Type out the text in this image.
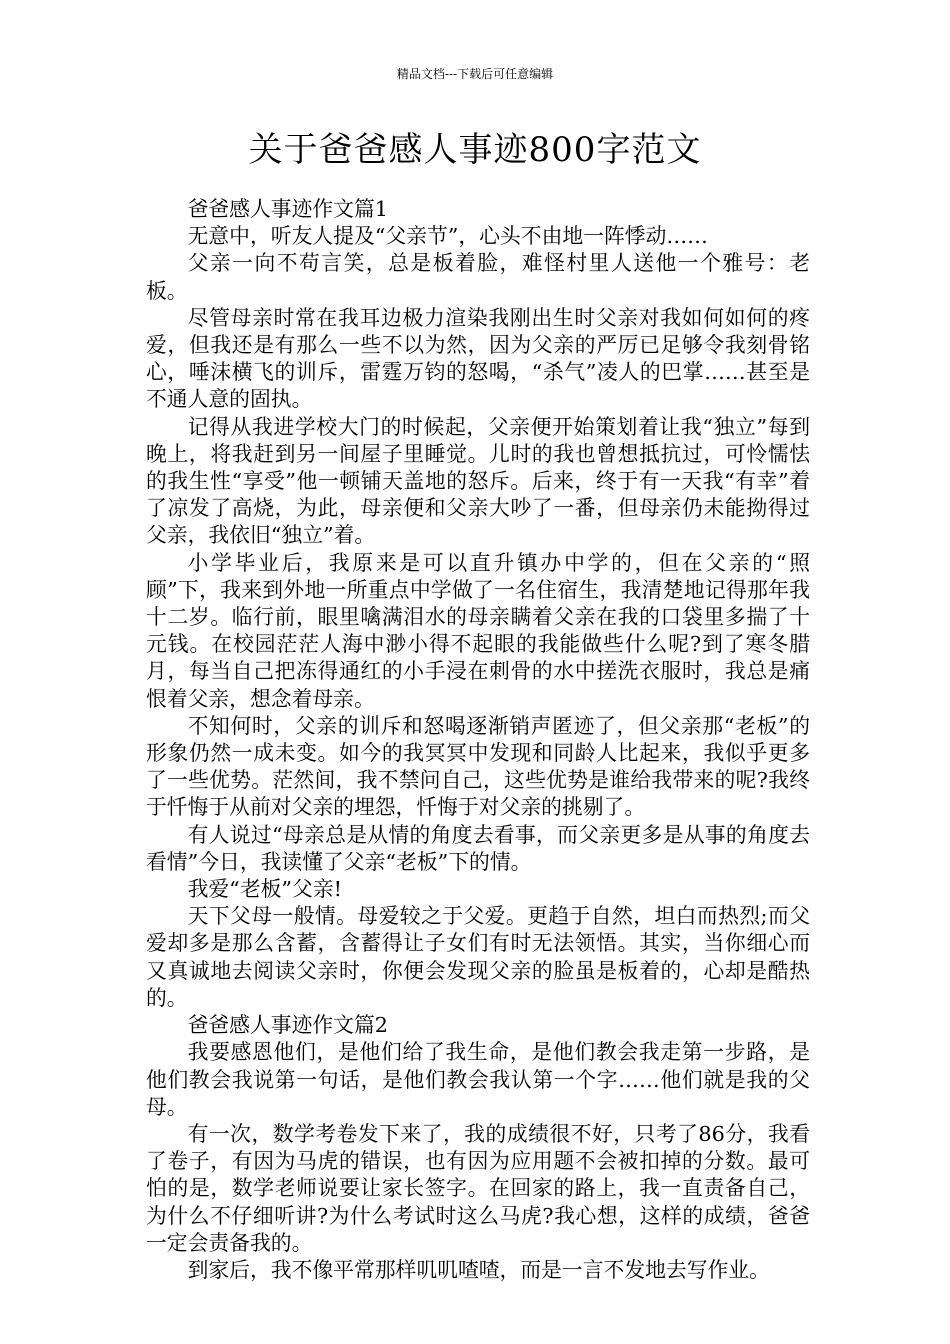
精品文档---下载后可任意编辑
关于爸爸感人事迹800字范文

爸爸感人事迹作文篇1

无意中，听友人提及“父亲节”，心头不由地一阵悸动……

父亲一向不苟言笑，总是板着脸，难怪村里人送他一个雅号：老板。

尽管母亲时常在我耳边极力渲染我刚出生时父亲对我如何如何的疼爱，但我还是有那么一些不以为然，因为父亲的严厉已足够令我刻骨铭心，唾沫横飞的训斥，雷霆万钧的怒喝，“杀气”凌人的巴掌……甚至是不通人意的固执。

记得从我进学校大门的时候起，父亲便开始策划着让我“独立”每到晚上，将我赶到另一间屋子里睡觉。儿时的我也曾想抵抗过，可怜懦怯的我生性“享受”他一顿铺天盖地的怒斥。后来，终于有一天我“有幸”着了凉发了高烧，为此，母亲便和父亲大吵了一番，但母亲仍未能拗得过父亲，我依旧“独立”着。

小学毕业后，我原来是可以直升镇办中学的，但在父亲的“照顾”下，我来到外地一所重点中学做了一名住宿生，我清楚地记得那年我十二岁。临行前，眼里噙满泪水的母亲瞒着父亲在我的口袋里多揣了十元钱。在校园茫茫人海中渺小得不起眼的我能做些什么呢?到了寒冬腊月，每当自己把冻得通红的小手浸在刺骨的水中搓洗衣服时，我总是痛恨着父亲，想念着母亲。

不知何时，父亲的训斥和怒喝逐渐销声匿迹了，但父亲那“老板”的形象仍然一成未变。如今的我冥冥中发现和同龄人比起来，我似乎更多了一些优势。茫然间，我不禁问自己，这些优势是谁给我带来的呢?我终于忏悔于从前对父亲的埋怨，忏悔于对父亲的挑剔了。

有人说过“母亲总是从情的角度去看事，而父亲更多是从事的角度去看情”今日，我读懂了父亲“老板”下的情。

我爱“老板”父亲!

天下父母一般情。母爱较之于父爱。更趋于自然，坦白而热烈;而父爱却多是那么含蓄，含蓄得让子女们有时无法领悟。其实，当你细心而又真诚地去阅读父亲时，你便会发现父亲的脸虽是板着的，心却是酷热的。

爸爸感人事迹作文篇2

我要感恩他们，是他们给了我生命，是他们教会我走第一步路，是他们教会我说第一句话，是他们教会我认第一个字……他们就是我的父母。

有一次，数学考卷发下来了，我的成绩很不好，只考了86分，我看了卷子，有因为马虎的错误，也有因为应用题不会被扣掉的分数。最可怕的是，数学老师说要让家长签字。在回家的路上，我一直责备自己，为什么不仔细听讲?为什么考试时这么马虎?我心想，这样的成绩，爸爸一定会责备我的。

到家后，我不像平常那样叽叽喳喳，而是一言不发地去写作业。
